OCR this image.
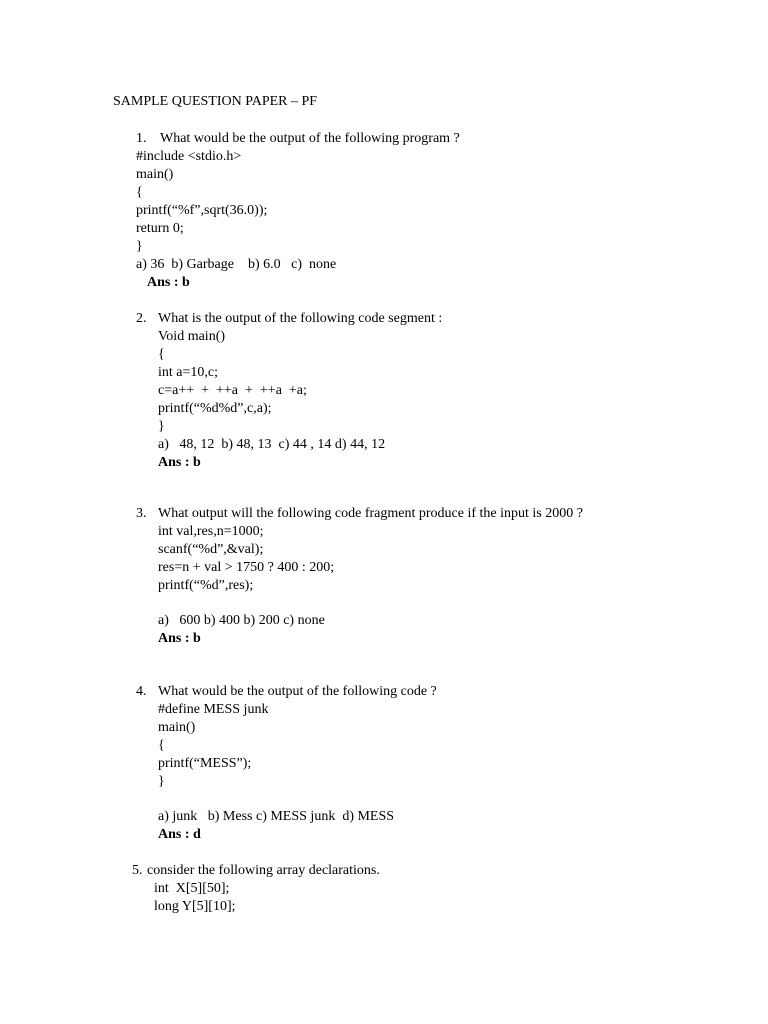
SAMPLE QUESTION PAPER – PF
1. What would be the output of the following program ?
#include <stdio.h>
main()
{
printf(“%f”,sqrt(36.0));
return 0;
}
a) 36  b) Garbage    b) 6.0   c)  none
Ans : b
2. What is the output of the following code segment :
Void main()
{
int a=10,c;
c=a++  +  ++a  +  ++a  +a;
printf(“%d%d”,c,a);
}
a)   48, 12  b) 48, 13  c) 44 , 14 d) 44, 12
Ans : b
3. What output will the following code fragment produce if the input is 2000 ?
int val,res,n=1000;
scanf(“%d”,&val);
res=n + val > 1750 ? 400 : 200;
printf(“%d”,res);
a)   600 b) 400 b) 200 c) none
Ans : b
4. What would be the output of the following code ?
#define MESS junk
main()
{
printf(“MESS”);
}
a) junk   b) Mess c) MESS junk  d) MESS
Ans : d
5. consider the following array declarations.
int  X[5][50];
long Y[5][10];
